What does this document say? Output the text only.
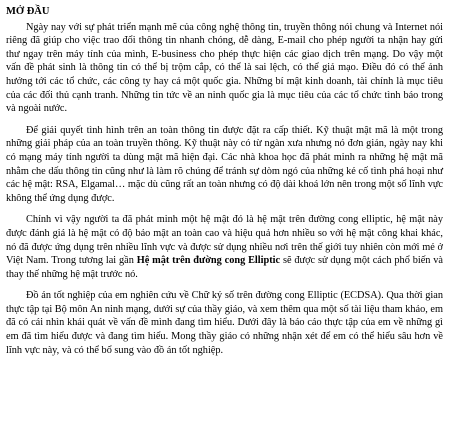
MỞ ĐẦU

Ngày nay với sự phát triển mạnh mẽ của công nghệ thông tin, truyền thông nói chung và Internet nói riêng đã giúp cho việc trao đổi thông tin nhanh chóng, dễ dàng, E-mail cho phép người ta nhận hay gửi thư ngay trên máy tính của mình, E-business cho phép thực hiện các giao dịch trên mạng. Do vậy một vấn đề phát sinh là thông tin có thể bị trộm cắp, có thể là sai lệch, có thể giả mạo. Điều đó có thể ảnh hưởng tới các tổ chức, các công ty hay cả một quốc gia. Những bí mật kinh doanh, tài chính là mục tiêu của các đối thủ cạnh tranh. Những tin tức về an ninh quốc gia là mục tiêu của các tổ chức tình báo trong và ngoài nước.

Để giải quyết tình hình trên an toàn thông tin được đặt ra cấp thiết. Kỹ thuật mật mã là một trong những giải pháp của an toàn truyền thông. Kỹ thuật này có từ ngàn xưa nhưng nó đơn giản, ngày nay khi có mạng máy tính người ta dùng mật mã hiện đại. Các nhà khoa học đã phát minh ra những hệ mật mã nhằm che dấu thông tin cũng như là làm rõ chúng để tránh sự dòm ngó của những kẻ cố tình phá hoại như các hệ mật: RSA, Elgamal… mặc dù cũng rất an toàn nhưng có độ dài khoá lớn nên trong một số lĩnh vực không thể ứng dụng được.

Chính vì vậy người ta đã phát minh một hệ mật đó là hệ mật trên đường cong elliptic, hệ mật này được đánh giá là hệ mật có độ bảo mật an toàn cao và hiệu quả hơn nhiều so với hệ mật công khai khác, nó đã được ứng dụng trên nhiều lĩnh vực và được sử dụng nhiều nơi trên thế giới tuy nhiên còn mới mẻ ở Việt Nam. Trong tương lai gần Hệ mật trên đường cong Elliptic sẽ được sử dụng một cách phổ biến và thay thế những hệ mật trước nó.

Đồ án tốt nghiệp của em nghiên cứu về Chữ ký số trên đường cong Elliptic (ECDSA). Qua thời gian thực tập tại Bộ môn An ninh mạng, dưới sự của thầy giáo, và xem thêm qua một số tài liệu tham khảo, em đã có cái nhìn khái quát về vấn đề mình đang tìm hiểu. Dưới đây là báo cáo thực tập của em về những gì em đã tìm hiểu được và đang tìm hiểu. Mong thầy giáo có những nhận xét để em có thể hiểu sâu hơn về lĩnh vực này, và có thể bổ sung vào đồ án tốt nghiệp.
